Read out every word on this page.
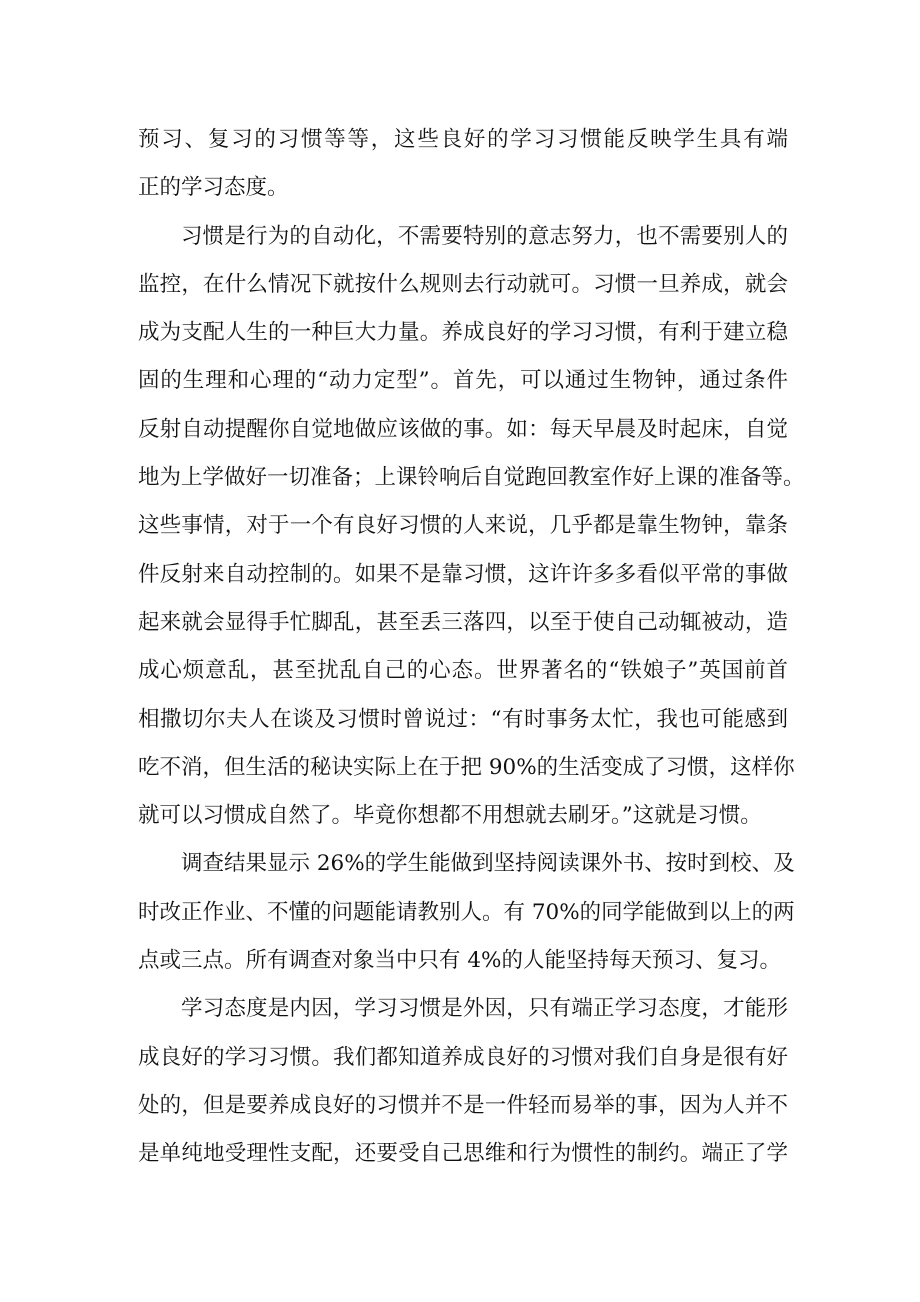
预习、复习的习惯等等，这些良好的学习习惯能反映学生具有端
正的学习态度。
习惯是行为的自动化，不需要特别的意志努力，也不需要别人的
监控，在什么情况下就按什么规则去行动就可。习惯一旦养成，就会
成为支配人生的一种巨大力量。养成良好的学习习惯，有利于建立稳
固的生理和心理的“动力定型”。首先，可以通过生物钟，通过条件
反射自动提醒你自觉地做应该做的事。如：每天早晨及时起床，自觉
地为上学做好一切准备；上课铃响后自觉跑回教室作好上课的准备等。
这些事情，对于一个有良好习惯的人来说，几乎都是靠生物钟，靠条
件反射来自动控制的。如果不是靠习惯，这许许多多看似平常的事做
起来就会显得手忙脚乱，甚至丢三落四，以至于使自己动辄被动，造
成心烦意乱，甚至扰乱自己的心态。世界著名的“铁娘子”英国前首
相撒切尔夫人在谈及习惯时曾说过：“有时事务太忙，我也可能感到
吃不消，但生活的秘诀实际上在于把 90%的生活变成了习惯，这样你
就可以习惯成自然了。毕竟你想都不用想就去刷牙。”这就是习惯。
调查结果显示 26%的学生能做到坚持阅读课外书、按时到校、及
时改正作业、不懂的问题能请教别人。有 70%的同学能做到以上的两
点或三点。所有调查对象当中只有 4%的人能坚持每天预习、复习。
学习态度是内因，学习习惯是外因，只有端正学习态度，才能形
成良好的学习习惯。我们都知道养成良好的习惯对我们自身是很有好
处的，但是要养成良好的习惯并不是一件轻而易举的事，因为人并不
是单纯地受理性支配，还要受自己思维和行为惯性的制约。端正了学
